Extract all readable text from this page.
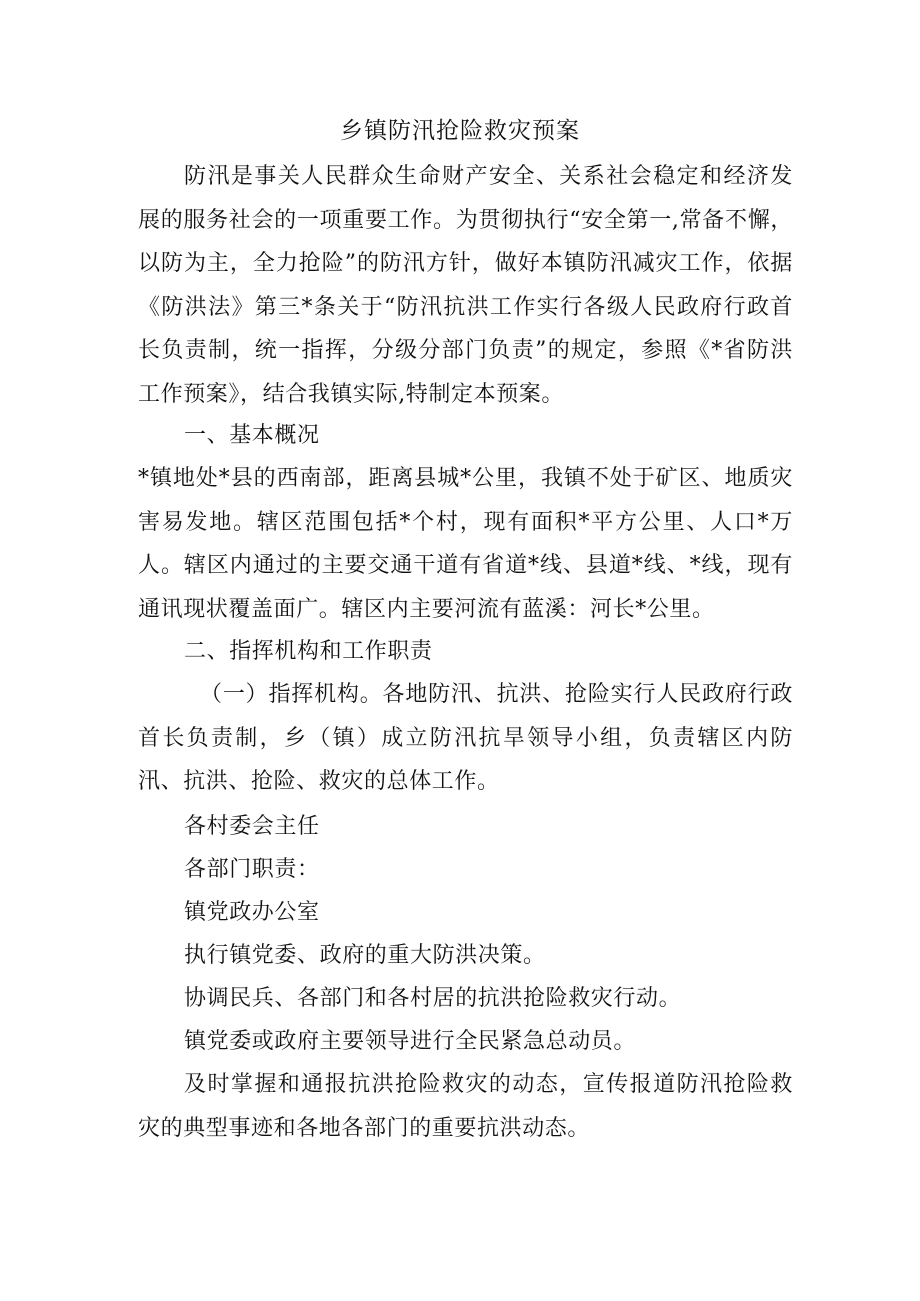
乡镇防汛抢险救灾预案
防汛是事关人民群众生命财产安全、关系社会稳定和经济发展的服务社会的一项重要工作。为贯彻执行“安全第一,常备不懈，以防为主，全力抢险”的防汛方针，做好本镇防汛减灾工作，依据《防洪法》第三*条关于“防汛抗洪工作实行各级人民政府行政首长负责制，统一指挥，分级分部门负责”的规定，参照《*省防洪工作预案》，结合我镇实际,特制定本预案。
一、基本概况
*镇地处*县的西南部，距离县城*公里，我镇不处于矿区、地质灾害易发地。辖区范围包括*个村，现有面积*平方公里、人口*万人。辖区内通过的主要交通干道有省道*线、县道*线、*线，现有通讯现状覆盖面广。辖区内主要河流有蓝溪：河长*公里。
二、指挥机构和工作职责
（一）指挥机构。各地防汛、抗洪、抢险实行人民政府行政首长负责制，乡（镇）成立防汛抗旱领导小组，负责辖区内防汛、抗洪、抢险、救灾的总体工作。
各村委会主任
各部门职责：
镇党政办公室
执行镇党委、政府的重大防洪决策。
协调民兵、各部门和各村居的抗洪抢险救灾行动。
镇党委或政府主要领导进行全民紧急总动员。
及时掌握和通报抗洪抢险救灾的动态，宣传报道防汛抢险救灾的典型事迹和各地各部门的重要抗洪动态。
